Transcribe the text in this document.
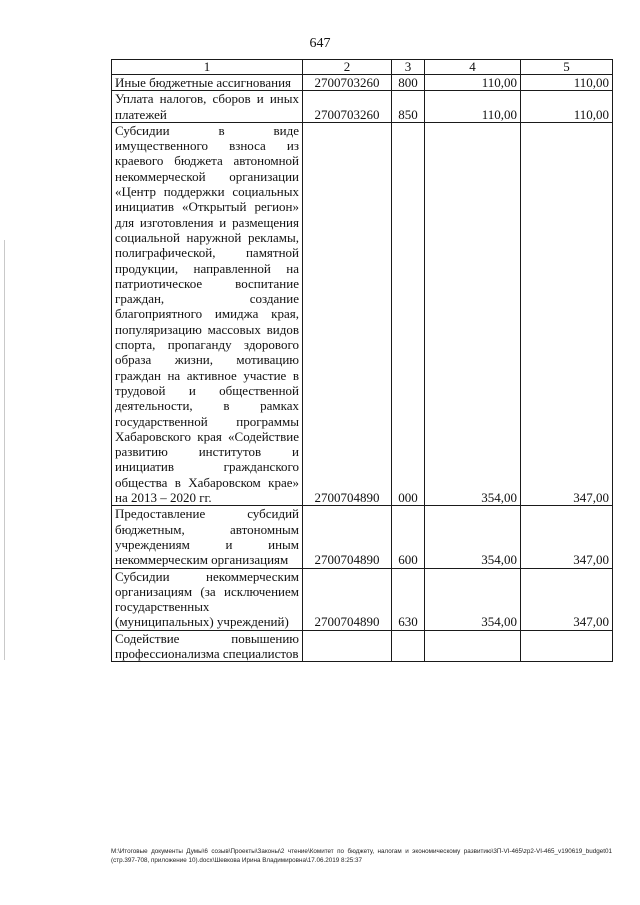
647
1	2	3	4	5
Иные бюджетные ассигнования	2700703260	800	110,00	110,00
Уплата налогов, сборов и иных платежей	2700703260	850	110,00	110,00
Субсидии в виде имущественного взноса из краевого бюджета автономной некоммерческой организации «Центр поддержки социальных инициатив «Открытый регион» для изготовления и размещения социальной наружной рекламы, полиграфической, памятной продукции, направленной на патриотическое воспитание граждан, создание благоприятного имиджа края, популяризацию массовых видов спорта, пропаганду здорового образа жизни, мотивацию граждан на активное участие в трудовой и общественной деятельности, в рамках государственной программы Хабаровского края «Содействие развитию институтов и инициатив гражданского общества в Хабаровском крае» на 2013 – 2020 гг.	2700704890	000	354,00	347,00
Предоставление субсидий бюджетным, автономным учреждениям и иным некоммерческим организациям	2700704890	600	354,00	347,00
Субсидии некоммерческим организациям (за исключением государственных (муниципальных) учреждений)	2700704890	630	354,00	347,00
Содействие повышению профессионализма специалистов				
M:\Итоговые документы Думы\6 созыв\Проекты\Законы\2 чтение\Комитет по бюджету, налогам и экономическому развитию\3П-VI-465\zp2-VI-465_v190619_budget01 (стр.397-708, приложение 10).docx\Шевкова Ирина Владимировна\17.06.2019 8:25:37
